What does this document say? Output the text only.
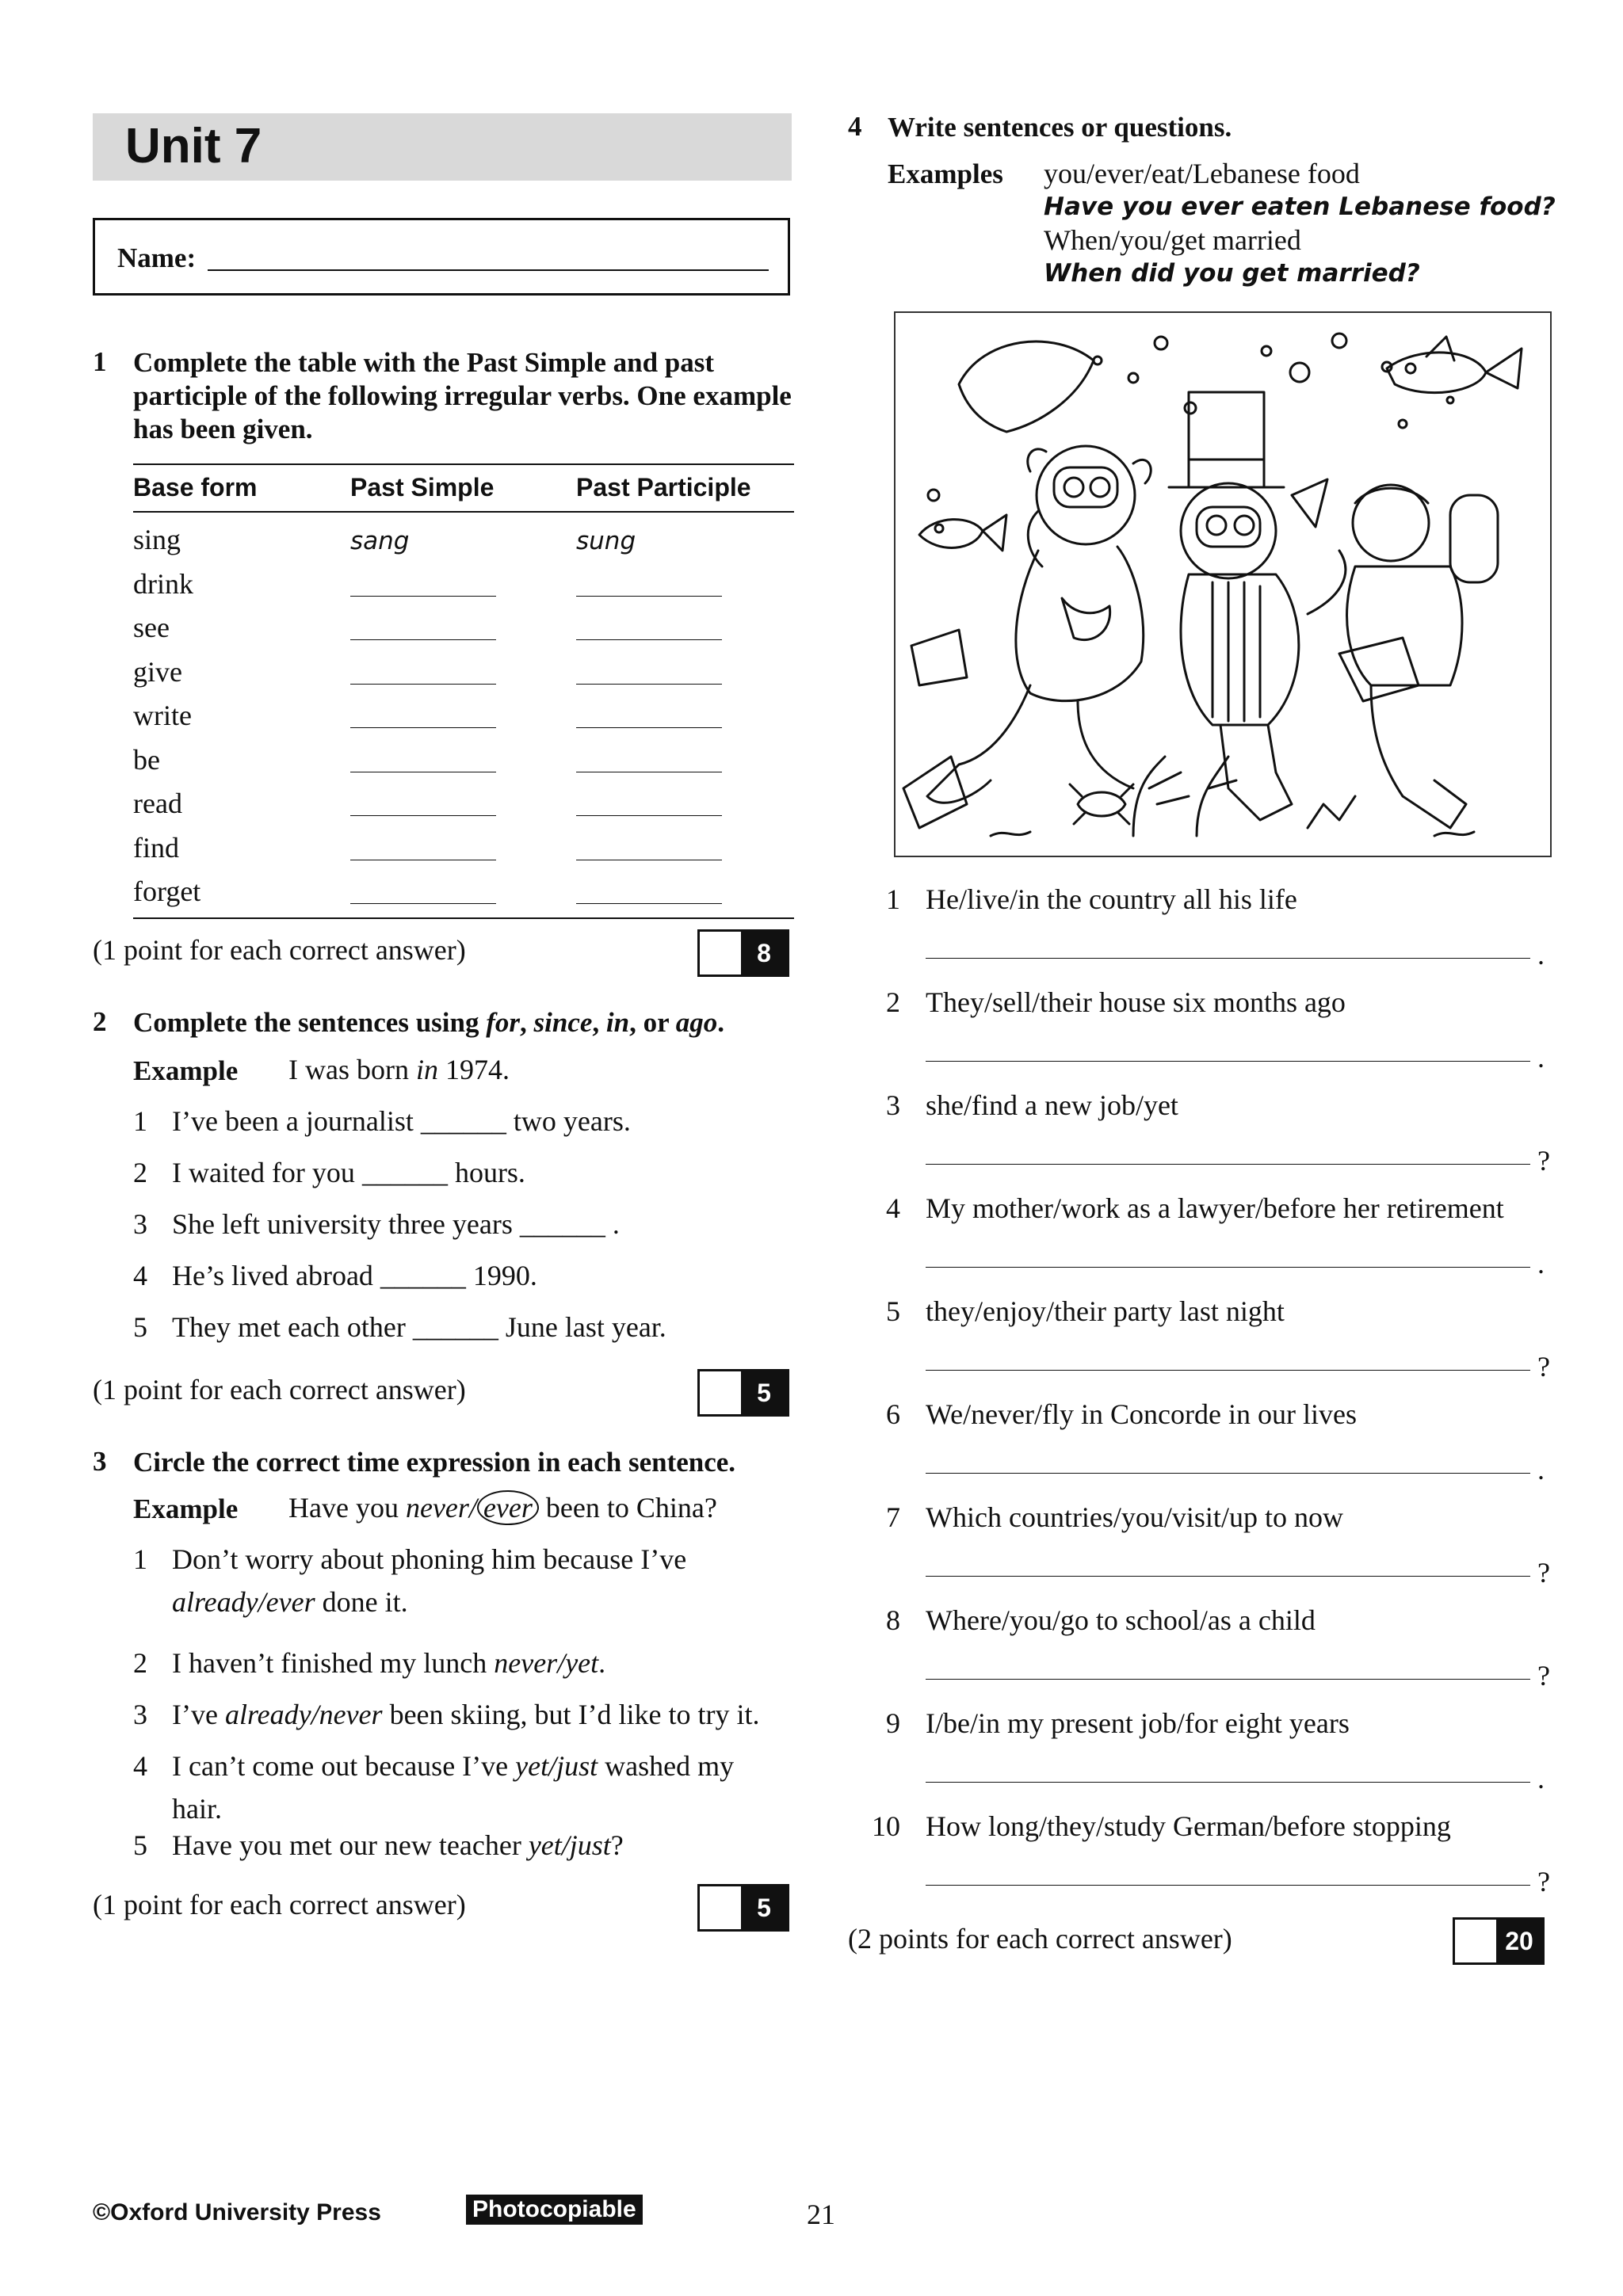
Unit 7
Name:
1 Complete the table with the Past Simple and past
participle of the following irregular verbs. One example
has been given.
Base form	Past Simple	Past Participle
sing	sang	sung
drink
see
give
write
be
read
find
forget
(1 point for each correct answer)	8
2 Complete the sentences using for, since, in, or ago.
Example I was born in 1974.
1 I’ve been a journalist ______ two years.
2 I waited for you ______ hours.
3 She left university three years ______ .
4 He’s lived abroad ______ 1990.
5 They met each other ______ June last year.
(1 point for each correct answer)	5
3 Circle the correct time expression in each sentence.
Example Have you never/ ever been to China?
1 Don’t worry about phoning him because I’ve
already/ever done it.
2 I haven’t finished my lunch never/yet.
3 I’ve already/never been skiing, but I’d like to try it.
4 I can’t come out because I’ve yet/just washed my
hair.
5 Have you met our new teacher yet/just?
(1 point for each correct answer)	5
4 Write sentences or questions.
Examples you/ever/eat/Lebanese food
Have you ever eaten Lebanese food?
When/you/get married
When did you get married?
1 He/live/in the country all his life
.
2 They/sell/their house six months ago
.
3 she/find a new job/yet
?
4 My mother/work as a lawyer/before her retirement
.
5 they/enjoy/their party last night
?
6 We/never/fly in Concorde in our lives
.
7 Which countries/you/visit/up to now
?
8 Where/you/go to school/as a child
?
9 I/be/in my present job/for eight years
.
10 How long/they/study German/before stopping
?
(2 points for each correct answer)	20
©Oxford University Press	Photocopiable	21
